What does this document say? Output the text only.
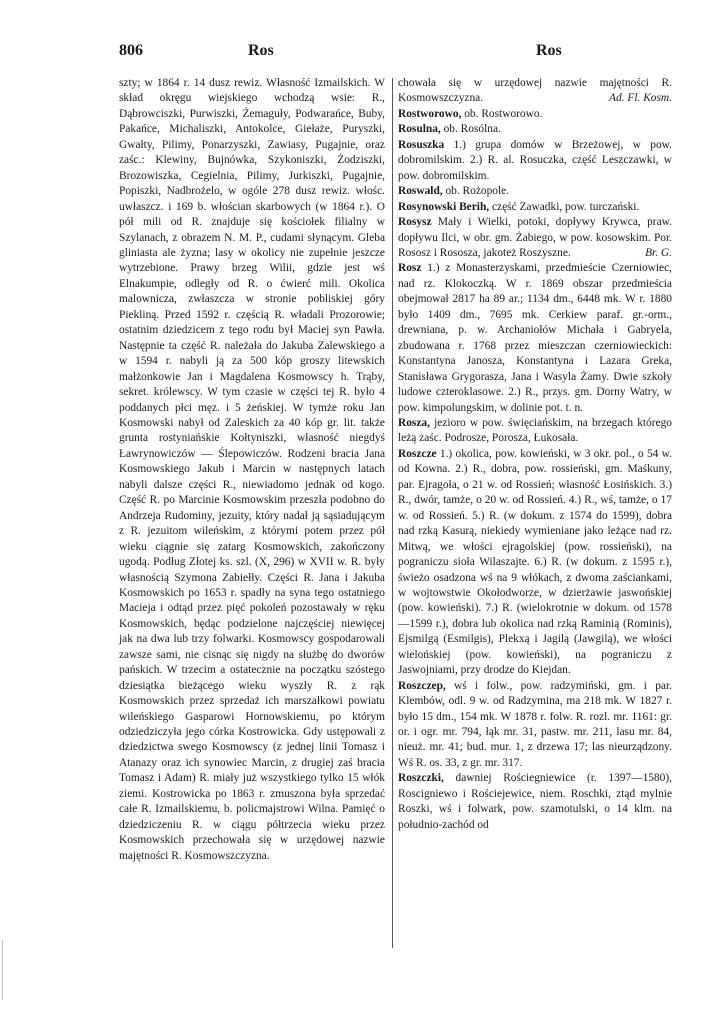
806	Ros	Ros

szty; w 1864 r. 14 dusz rewiz. Własność Izmailskich. W skład okręgu wiejskiego wchodzą wsie: R., Dąbrowciszki, Purwiszki, Żemaguły, Podwarańce, Buby, Pakańce, Michaliszki, Antokolce, Giełaże, Puryszki, Gwałty, Pilimy, Ponarzyszki, Zawiasy, Pugajnie, oraz zaśc.: Klewiny, Bujnówka, Szykoniszki, Żodziszki, Brozowiszka, Cegielnia, Pilimy, Jurkiszki, Pugajnie, Popiszki, Nadbrożelo, w ogóle 278 dusz rewiz. włośc. uwłaszcz. i 169 b. włościan skarbowych (w 1864 r.). O pół mili od R. znajduje się kościołek filialny w Szylanach, z obrazem N. M. P., cudami słynącym. Gleba gliniasta ale żyzna; lasy w okolicy nie zupełnie jeszcze wytrzebione. Prawy brzeg Wilii, gdzie jest wś Elnakumpie, odległy od R. o ćwierć mili. Okolica malownicza, zwłaszcza w stronie pobliskiej góry Piekliną. Przed 1592 r. częścią R. władali Prozorowie; ostatnim dziedzicem z tego rodu był Maciej syn Pawła. Następnie ta część R. należała do Jakuba Zalewskiego a w 1594 r. nabyli ją za 500 kóp groszy litewskich małżonkowie Jan i Magdalena Kosmowscy h. Trąby, sekret. królewscy. W tym czasie w części tej R. było 4 poddanych płci męz. i 5 żeńskiej. W tymże roku Jan Kosmowski nabył od Zaleskich za 40 kóp gr. lit. także grunta rostyniańskie Kołtyniszki, własność niegdyś Ławrynowiczów — Ślepowiczów. Rodzeni bracia Jana Kosmowskiego Jakub i Marcin w następnych latach nabyli dalsze części R., niewiadomo jednak od kogo. Część R. po Marcinie Kosmowskim przeszła podobno do Andrzeja Rudominy, jezuity, który nadał ją sąsiadującym z R. jezuitom wileńskim, z którymi potem przez pół wieku ciągnie się zatarg Kosmowskich, zakończony ugodą. Podług Złotej ks. szl. (X, 296) w XVII w. R. były własnością Szymona Zabiełły. Części R. Jana i Jakuba Kosmowskich po 1653 r. spadły na syna tego ostatniego Macieja i odtąd przez pięć pokoleń pozostawały w ręku Kosmowskich, będąc podzielone najczęściej niewięcej jak na dwa lub trzy folwarki. Kosmowscy gospodarowali zawsze sami, nie cisnąc się nigdy na służbę do dworów pańskich. W trzecim a ostatecznie na początku szóstego dziesiątka bieżącego wieku wyszły R. z rąk Kosmowskich przez sprzedaż ich marszałkowi powiatu wileńskiego Gasparowi Hornowskiemu, po którym odziedziczyła jego córka Kostrowicka. Gdy ustępowali z dziedzictwa swego Kosmowscy (z jednej linii Tomasz i Atanazy oraz ich synowiec Marcin, z drugiej zaś bracia Tomasz i Adam) R. miały już wszystkiego tylko 15 włók ziemi. Kostrowicka po 1863 r. zmuszona była sprzedać całe R. Izmailskiemu, b. policmajstrowi Wilna. Pamięć o dziedziczeniu R. w ciągu półtrzecia wieku przez Kosmowskich przechowała się w urzędowej nazwie majętności R. Kosmowszczyzna.

chowała się w urzędowej nazwie majętności R. Kosmowszczyzna.	Ad. Fl. Kosm.

Rostworowo, ob. Rostworowo.

Rosulna, ob. Rosólna.

Rosuszka 1.) grupa domów w Brzeżowej, w pow. dobromilskim. 2.) R. al. Rosuczka, część Leszczawki, w pow. dobromilskim.

Roswald, ob. Rożopole.

Rosynowski Berih, część Zawadki, pow. turczański.

Rosysz Mały i Wielki, potoki, dopływy Krywca, praw. dopływu Ilci, w obr. gm. Żabiego, w pow. kosowskim. Por. Rososz i Rososza, jakoteż Roszyszne.	Br. G.

Rosz 1.) z Monasterzyskami, przedmieście Czerniowiec, nad rz. Klokoczką. W r. 1869 obszar przedmieścia obejmował 2817 ha 89 ar.; 1134 dm., 6448 mk. W r. 1880 było 1409 dm., 7695 mk. Cerkiew paraf. gr.-orm., drewniana, p. w. Archaniołów Michała i Gabryela, zbudowana r. 1768 przez mieszczan czerniowieckich: Konstantyna Janosza, Konstantyna i Lazara Greka, Stanisława Grygorasza, Jana i Wasyla Żamy. Dwie szkoły ludowe czteroklasowe. 2.) R., przys. gm. Dorny Watry, w pow. kimpolungskim, w dolinie pot. t. n.

Rosza, jezioro w pow. święciańskim, na brzegach którego leżą zaśc. Podrosze, Porosza, Łukosała.

Roszcze 1.) okolica, pow. kowieński, w 3 okr. pol., o 54 w. od Kowna. 2.) R., dobra, pow. rossieński, gm. Maśkuny, par. Ejragoła, o 21 w. od Rossień; własność Łosińskich. 3.) R., dwór, tamże, o 20 w. od Rossień. 4.) R., wś, tamże, o 17 w. od Rossień. 5.) R. (w dokum. z 1574 do 1599), dobra nad rzką Kasurą, niekiedy wymieniane jako leżące nad rz. Mitwą, we włości ejragolskiej (pow. rossieński), na pograniczu sioła Wilaszajte. 6.) R. (w dokum. z 1595 r.), świeżo osadzona wś na 9 włókach, z dwoma zaściankami, w wojtowstwie Okołodworze, w dzierżawie jaswońskiej (pow. kowieński). 7.) R. (wielokrotnie w dokum. od 1578—1599 r.), dobra lub okolica nad rzką Raminią (Rominis), Ejsmilgą (Esmilgis), Plekxą i Jagilą (Jawgilą), we włości wielońskiej (pow. kowieński), na pograniczu z Jaswojniami, przy drodze do Kiejdan.

Roszczep, wś i folw., pow. radzymiński, gm. i par. Klembów, odl. 9 w. od Radzymina, ma 218 mk. W 1827 r. było 15 dm., 154 mk. W 1878 r. folw. R. rozl. mr. 1161: gr. or. i ogr. mr. 794, łąk mr. 31, pastw. mr. 211, lasu mr. 84, nieuż. mr. 41; bud. mur. 1, z drzewa 17; las nieurządzony. Wś R. os. 33, z gr. mr. 317.

Roszczki, dawniej Rościegniewice (r. 1397—1580), Roscigniewo i Rościejewice, niem. Roschki, ztąd mylnie Roszki, wś i folwark, pow. szamotulski, o 14 klm. na południo-zachód od
